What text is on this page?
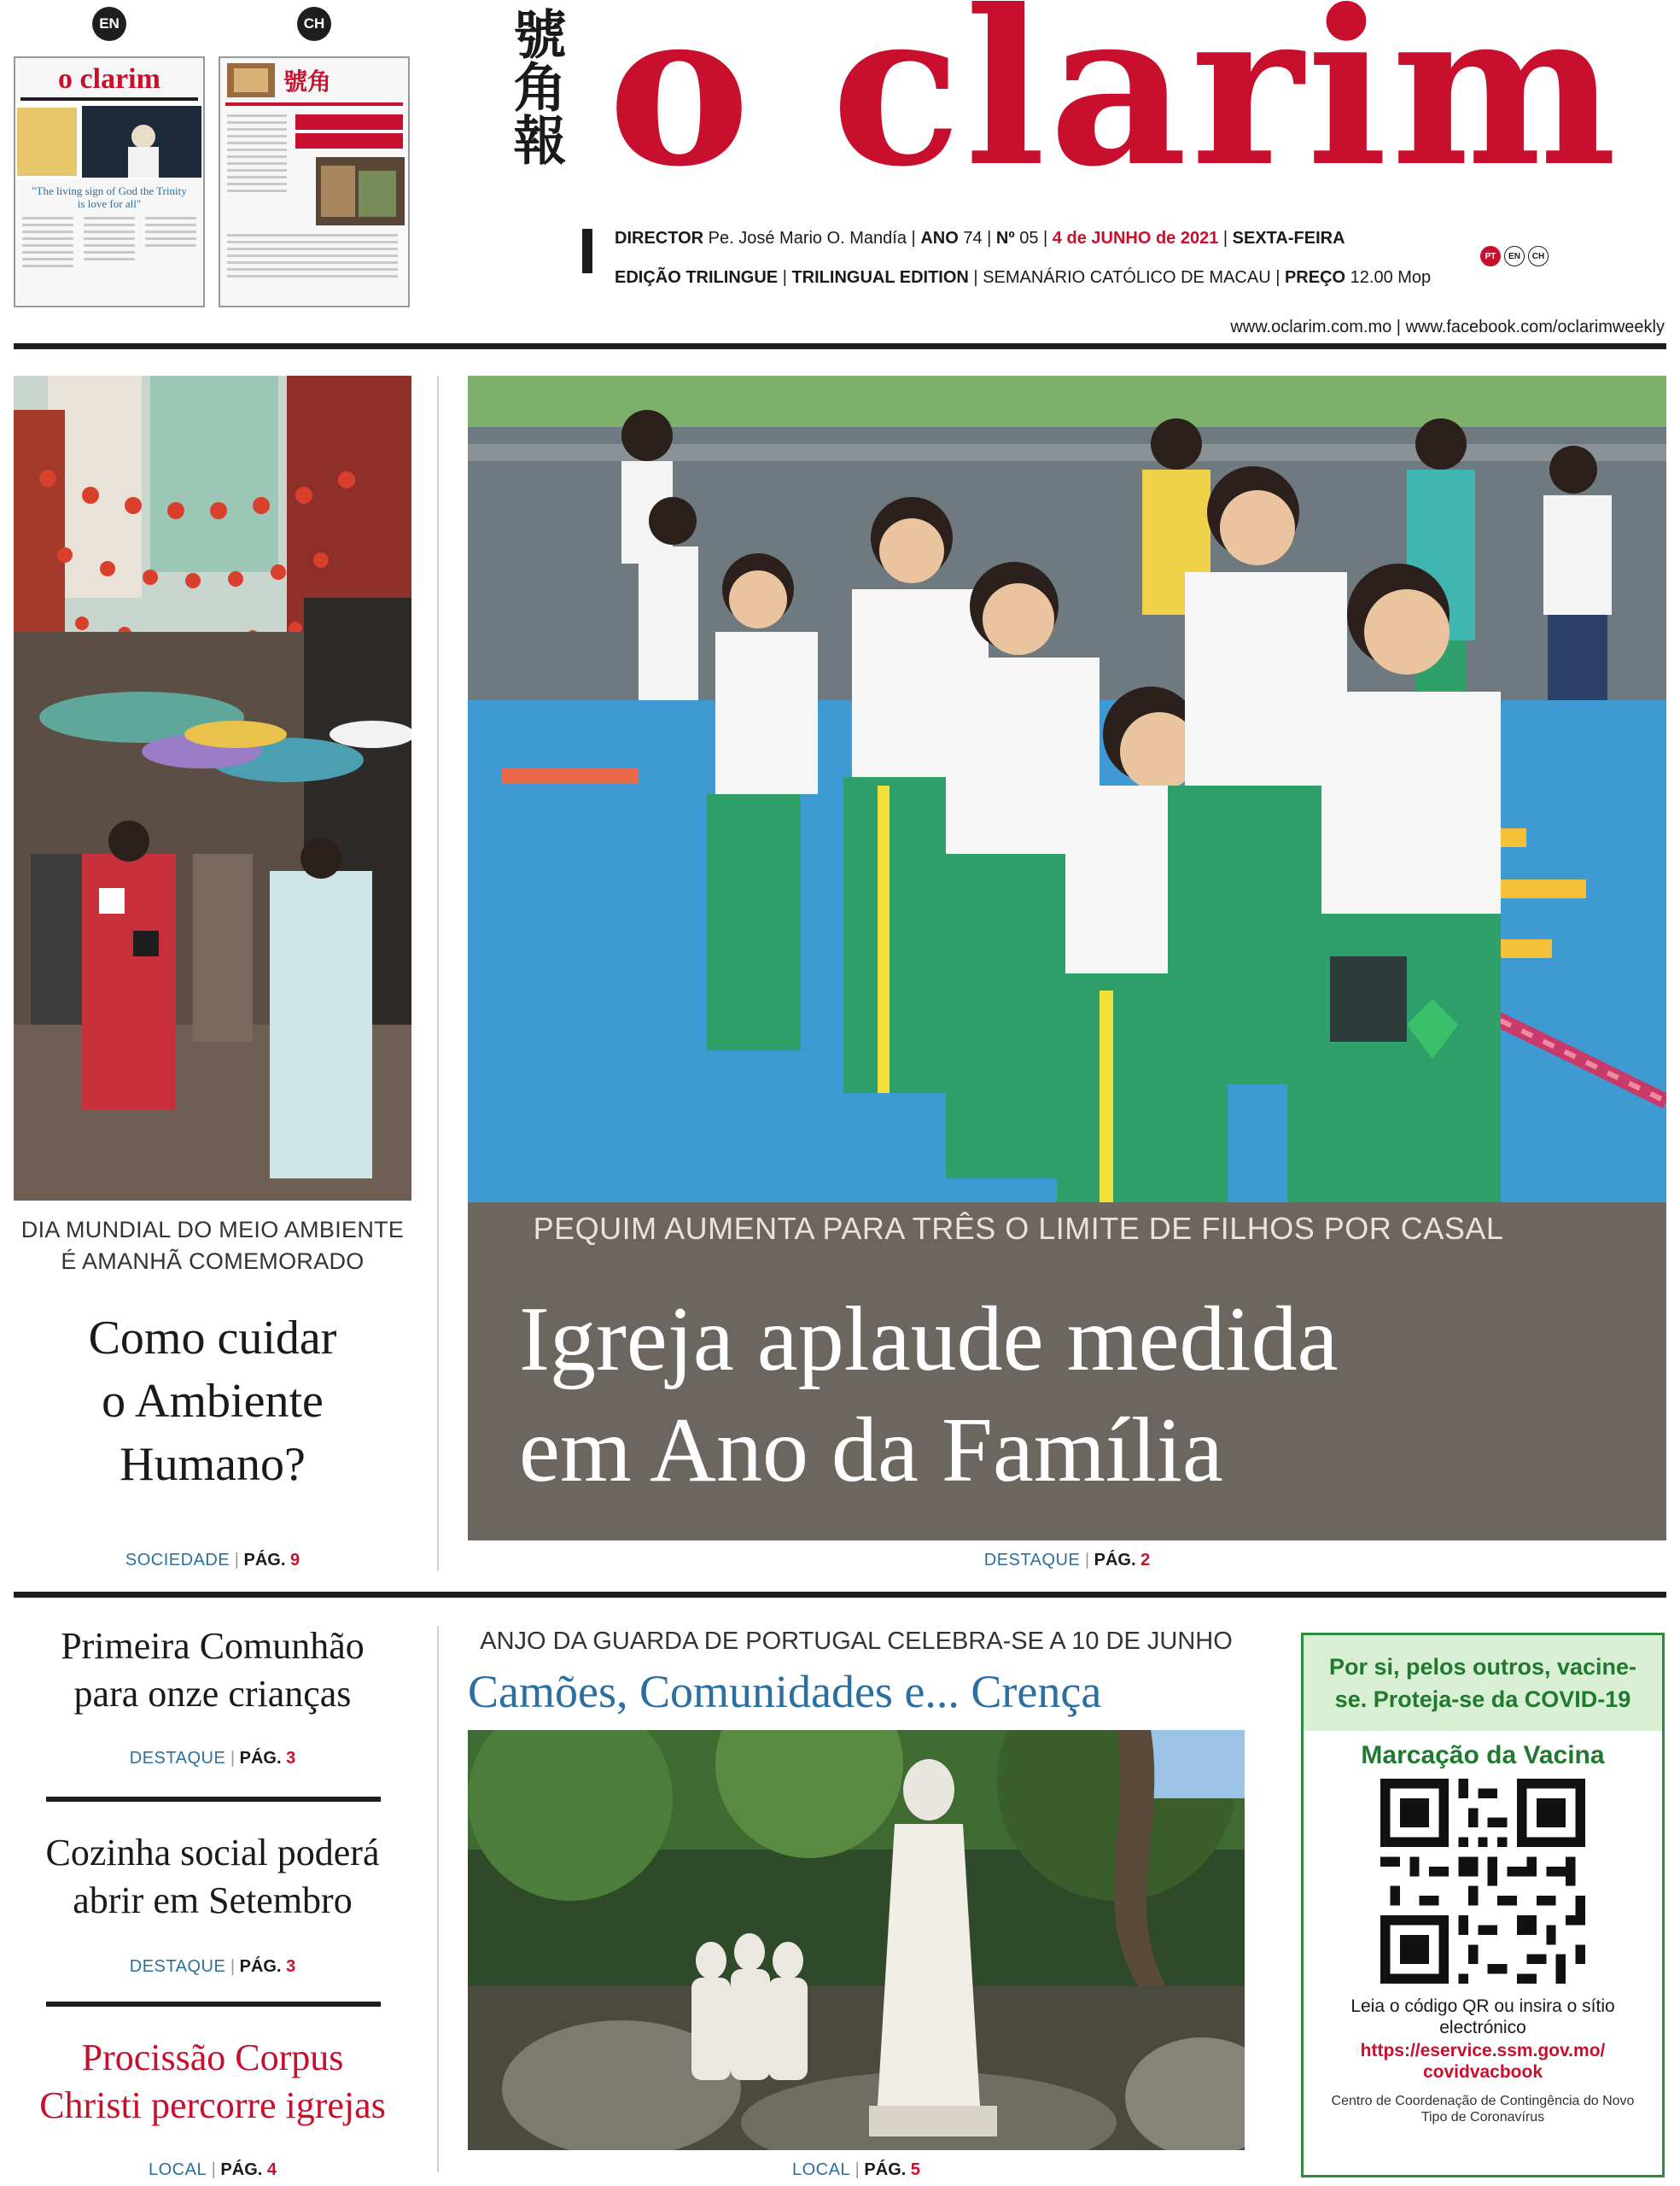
EN	CH
o clarim
"The living sign of God the Trinity is love for all"
號角	號角報 o clarim
DIRECTOR Pe. José Mario O. Mandía | ANO 74 | Nº 05 | 4 de JUNHO de 2021 | SEXTA-FEIRA
PT	EN	CH
EDIÇÃO TRILINGUE | TRILINGUAL EDITION | SEMANÁRIO CATÓLICO DE MACAU | PREÇO 12.00 Mop
www.oclarim.com.mo | www.facebook.com/oclarimweekly
DIA MUNDIAL DO MEIO AMBIENTE
É AMANHÃ COMEMORADO
Como cuidar
o Ambiente
Humano?
SOCIEDADE | PÁG. 9
PEQUIM AUMENTA PARA TRÊS O LIMITE DE FILHOS POR CASAL
Igreja aplaude medida
em Ano da Família
DESTAQUE | PÁG. 2
Primeira Comunhão
para onze crianças
DESTAQUE | PÁG. 3
Cozinha social poderá
abrir em Setembro
DESTAQUE | PÁG. 3
Procissão Corpus
Christi percorre igrejas
LOCAL | PÁG. 4
ANJO DA GUARDA DE PORTUGAL CELEBRA-SE A 10 DE JUNHO
Camões, Comunidades e... Crença
LOCAL | PÁG. 5
Por si, pelos outros, vacine-se. Proteja-se da COVID-19
Marcação da Vacina
Leia o código QR ou insira o sítio electrónico
https://eservice.ssm.gov.mo/
covidvacbook
Centro de Coordenação de Contingência do Novo Tipo de Coronavírus
